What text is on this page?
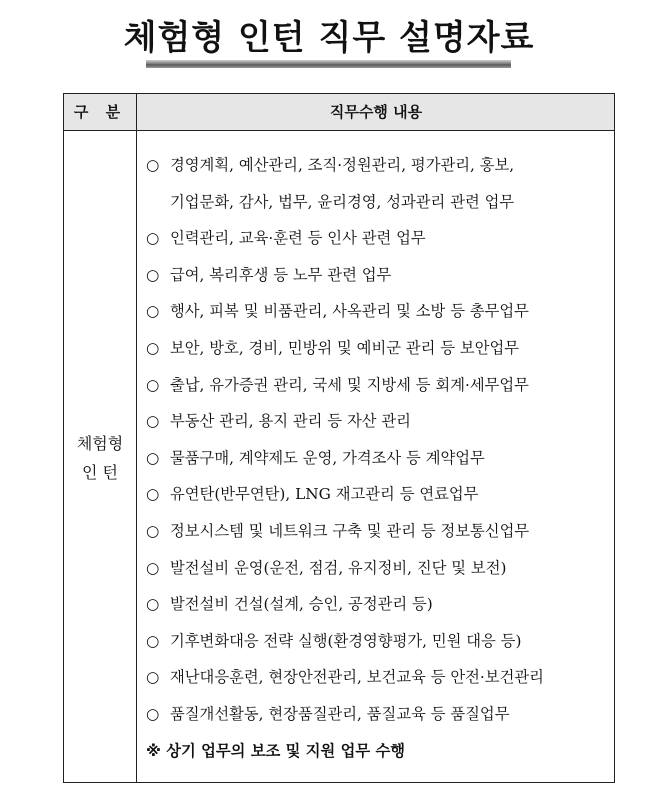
체험형 인턴 직무 설명자료
구 분	직무수행 내용
체험형
인 턴
○ 경영계획, 예산관리, 조직·정원관리, 평가관리, 홍보,
기업문화, 감사, 법무, 윤리경영, 성과관리 관련 업무
○ 인력관리, 교육·훈련 등 인사 관련 업무
○ 급여, 복리후생 등 노무 관련 업무
○ 행사, 피복 및 비품관리, 사옥관리 및 소방 등 총무업무
○ 보안, 방호, 경비, 민방위 및 예비군 관리 등 보안업무
○ 출납, 유가증권 관리, 국세 및 지방세 등 회계·세무업무
○ 부동산 관리, 용지 관리 등 자산 관리
○ 물품구매, 계약제도 운영, 가격조사 등 계약업무
○ 유연탄(반무연탄), LNG 재고관리 등 연료업무
○ 정보시스템 및 네트워크 구축 및 관리 등 정보통신업무
○ 발전설비 운영(운전, 점검, 유지정비, 진단 및 보전)
○ 발전설비 건설(설계, 승인, 공정관리 등)
○ 기후변화대응 전략 실행(환경영향평가, 민원 대응 등)
○ 재난대응훈련, 현장안전관리, 보건교육 등 안전·보건관리
○ 품질개선활동, 현장품질관리, 품질교육 등 품질업무
※ 상기 업무의 보조 및 지원 업무 수행
